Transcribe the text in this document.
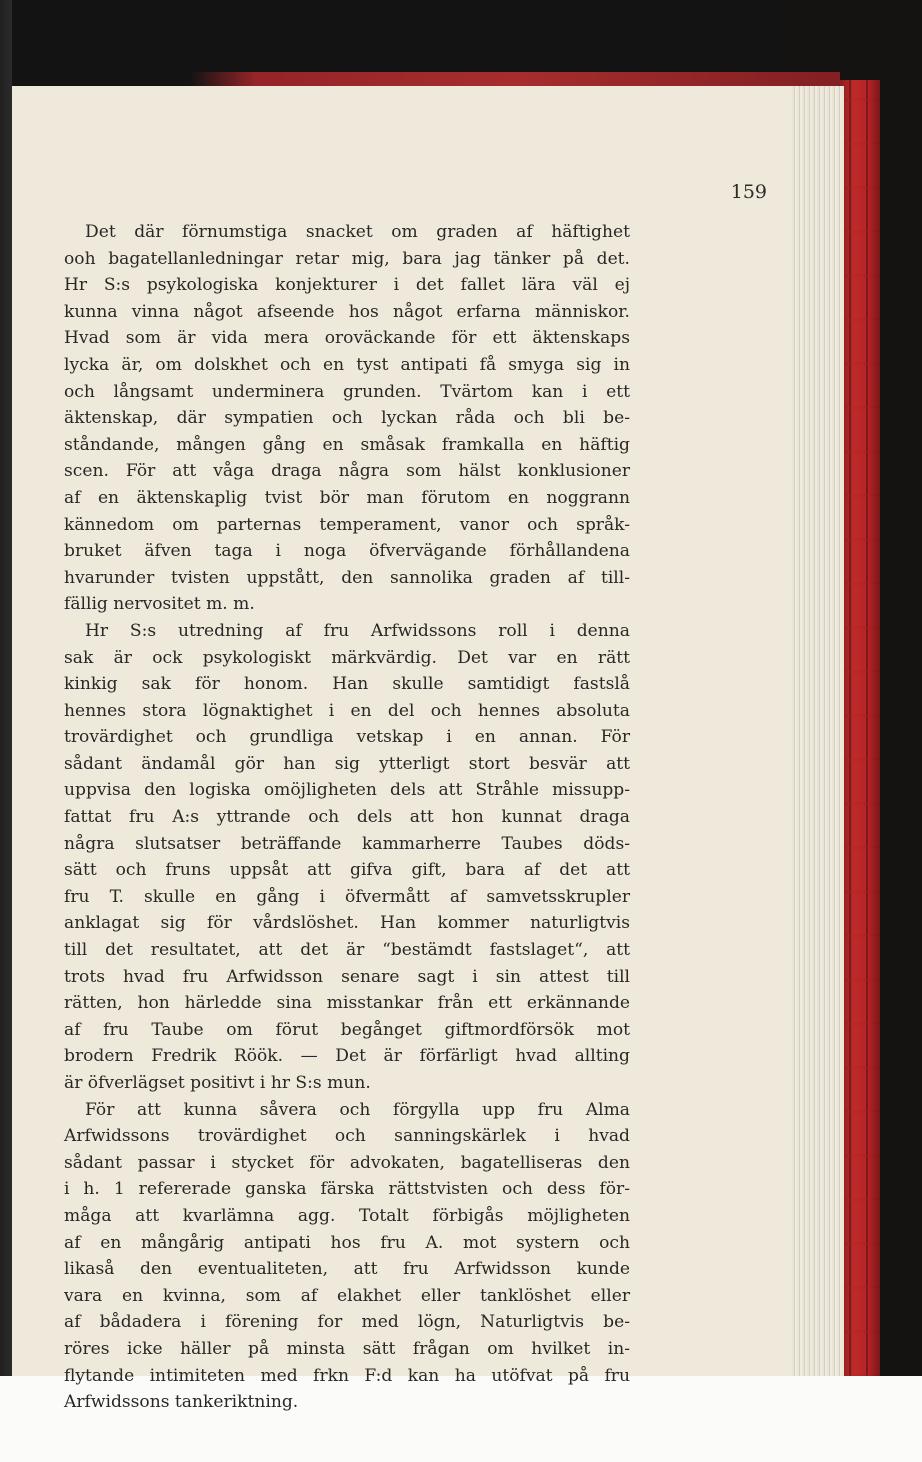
159
Det där förnumstiga snacket om graden af häftighet
ooh bagatellanledningar retar mig, bara jag tänker på det.
Hr S:s psykologiska konjekturer i det fallet lära väl ej
kunna vinna något afseende hos något erfarna människor.
Hvad som är vida mera oroväckande för ett äktenskaps
lycka är, om dolskhet och en tyst antipati få smyga sig in
och långsamt underminera grunden. Tvärtom kan i ett
äktenskap, där sympatien och lyckan råda och bli be-
ståndande, mången gång en småsak framkalla en häftig
scen. För att våga draga några som hälst konklusioner
af en äktenskaplig tvist bör man förutom en noggrann
kännedom om parternas temperament, vanor och språk-
bruket äfven taga i noga öfvervägande förhållandena
hvarunder tvisten uppstått, den sannolika graden af till-
fällig nervositet m. m.
Hr S:s utredning af fru Arfwidssons roll i denna
sak är ock psykologiskt märkvärdig. Det var en rätt
kinkig sak för honom. Han skulle samtidigt fastslå
hennes stora lögnaktighet i en del och hennes absoluta
trovärdighet och grundliga vetskap i en annan. För
sådant ändamål gör han sig ytterligt stort besvär att
uppvisa den logiska omöjligheten dels att Stråhle missupp-
fattat fru A:s yttrande och dels att hon kunnat draga
några slutsatser beträffande kammarherre Taubes döds-
sätt och fruns uppsåt att gifva gift, bara af det att
fru T. skulle en gång i öfvermått af samvetsskrupler
anklagat sig för vårdslöshet. Han kommer naturligtvis
till det resultatet, att det är “bestämdt fastslaget“, att
trots hvad fru Arfwidsson senare sagt i sin attest till
rätten, hon härledde sina misstankar från ett erkännande
af fru Taube om förut begånget giftmordförsök mot
brodern Fredrik Röök. — Det är förfärligt hvad allting
är öfverlägset positivt i hr S:s mun.
För att kunna såvera och förgylla upp fru Alma
Arfwidssons trovärdighet och sanningskärlek i hvad
sådant passar i stycket för advokaten, bagatelliseras den
i h. 1 refererade ganska färska rättstvisten och dess för-
måga att kvarlämna agg. Totalt förbigås möjligheten
af en mångårig antipati hos fru A. mot systern och
likaså den eventualiteten, att fru Arfwidsson kunde
vara en kvinna, som af elakhet eller tanklöshet eller
af bådadera i förening for med lögn, Naturligtvis be-
röres icke häller på minsta sätt frågan om hvilket in-
flytande intimiteten med frkn F:d kan ha utöfvat på fru
Arfwidssons tankeriktning.
